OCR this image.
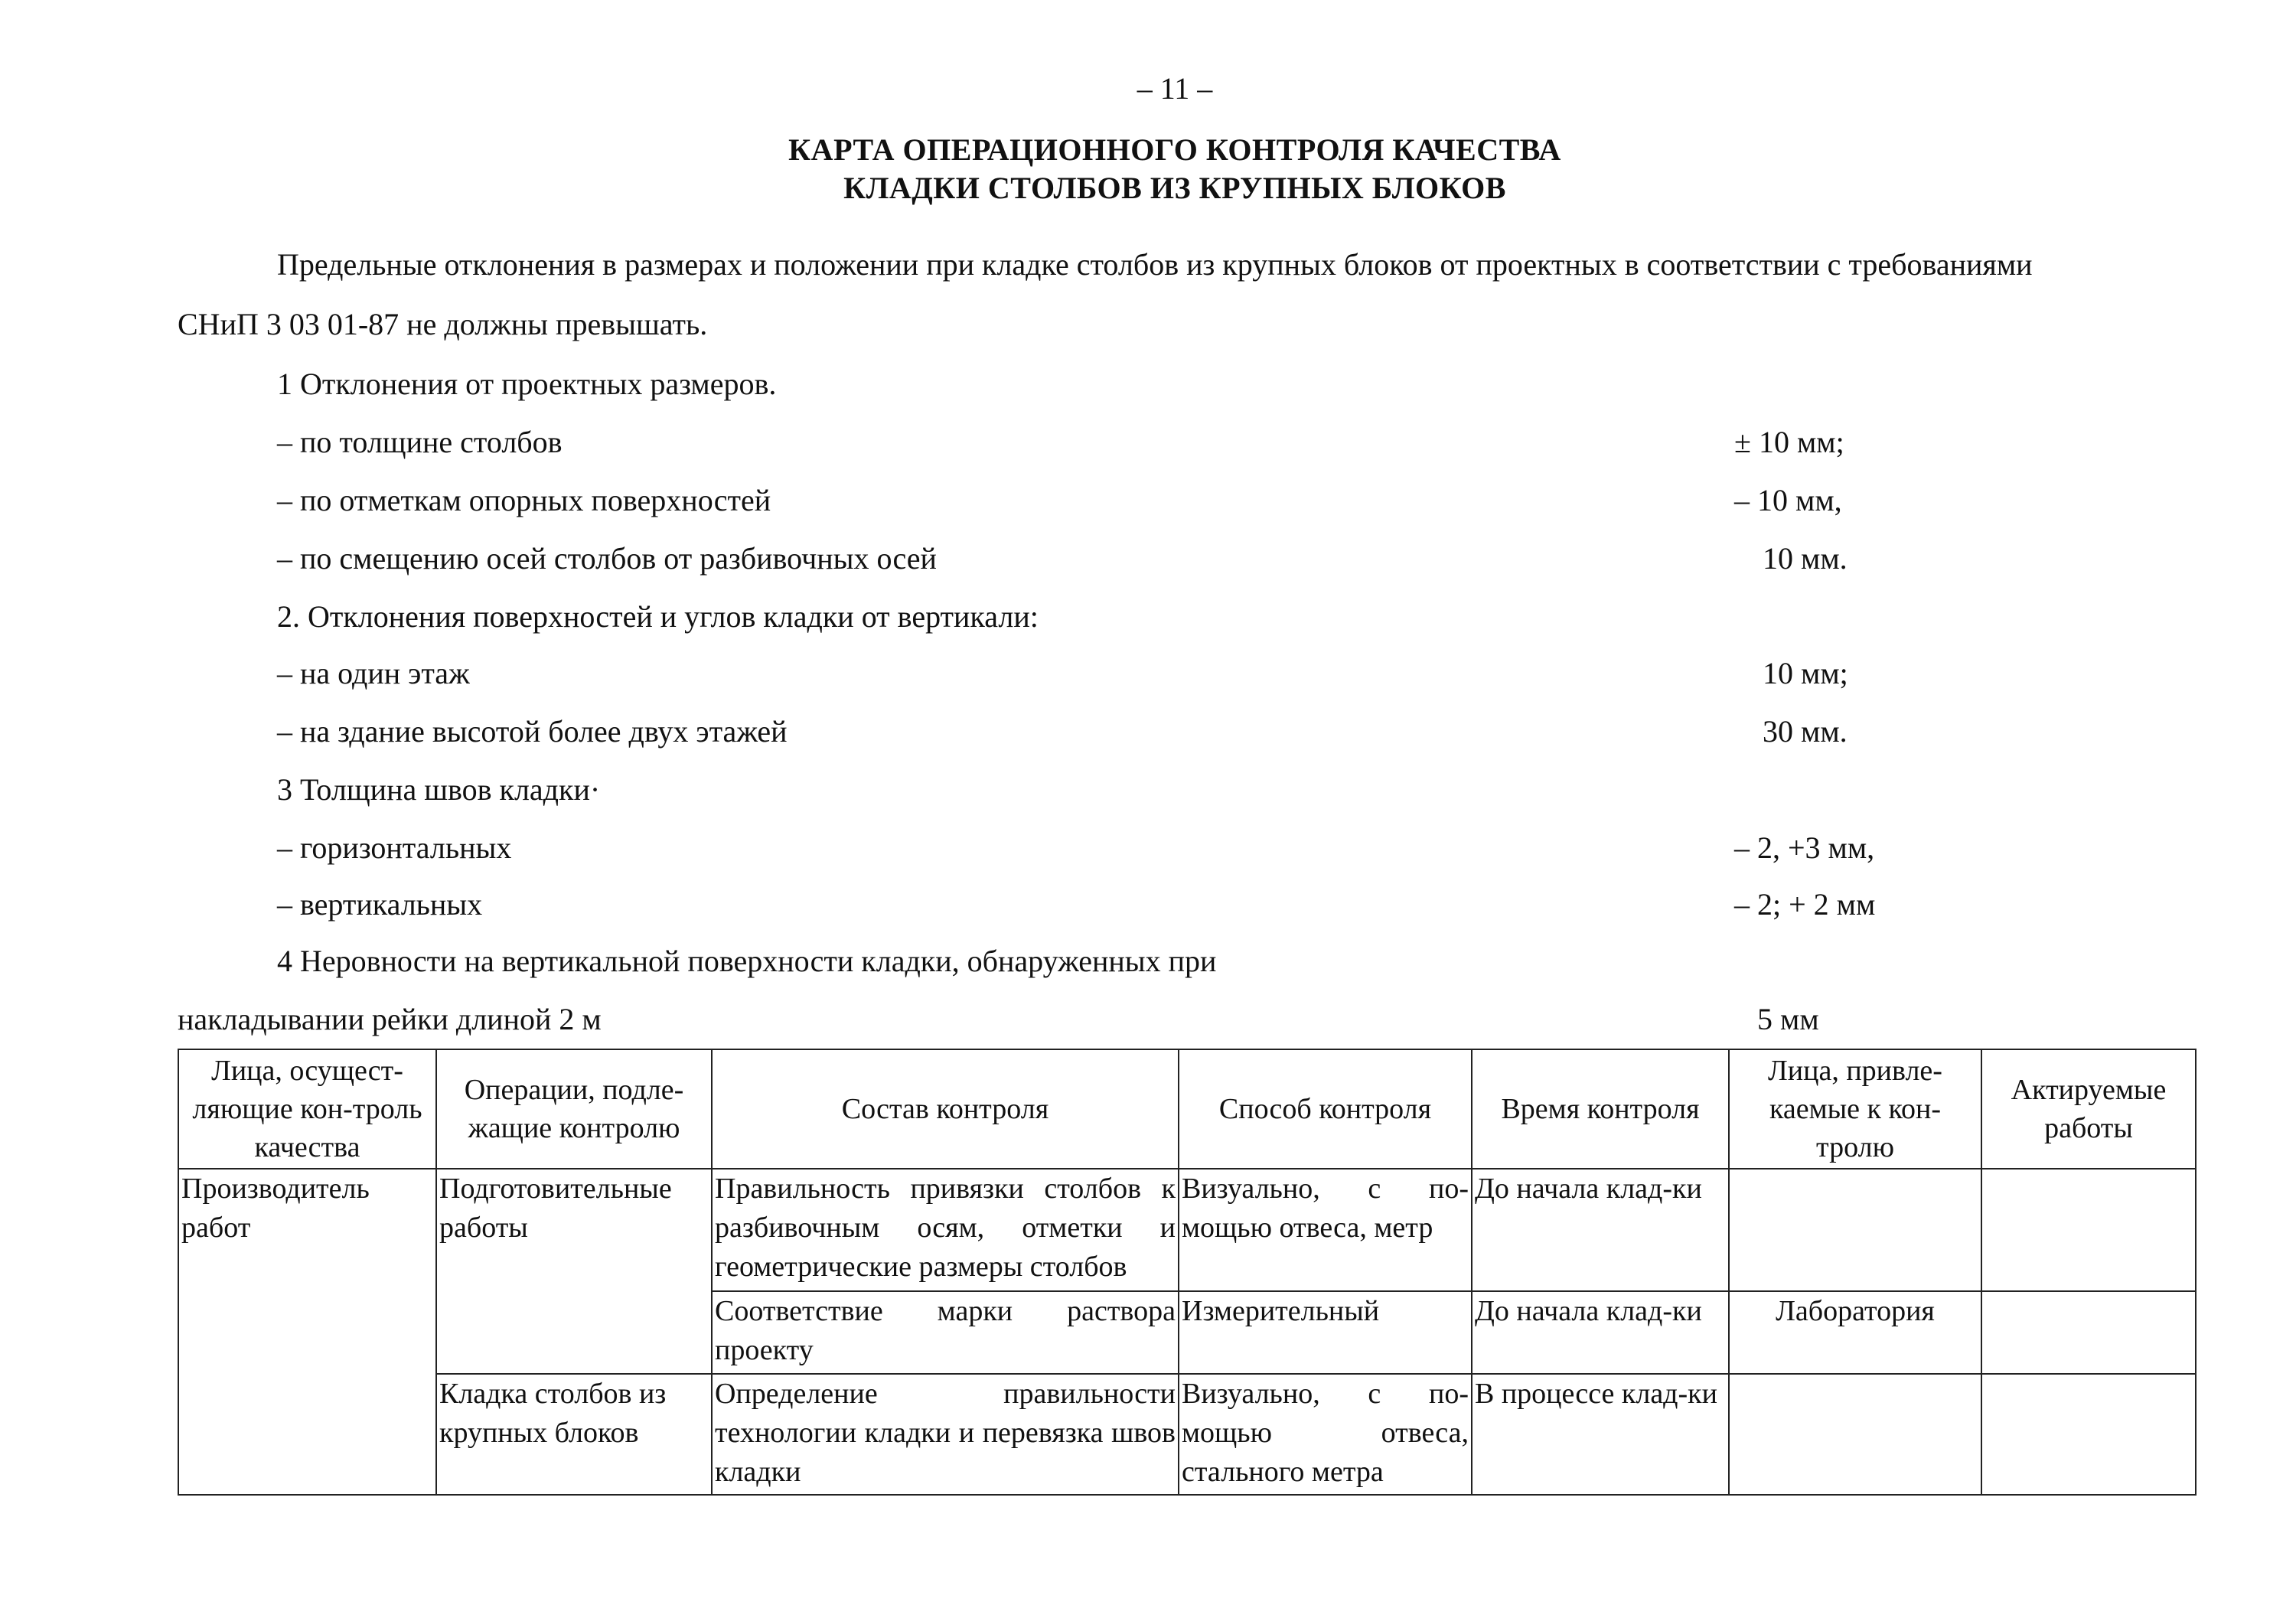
– 11 –
КАРТА ОПЕРАЦИОННОГО КОНТРОЛЯ КАЧЕСТВА
КЛАДКИ СТОЛБОВ ИЗ КРУПНЫХ БЛОКОВ
Предельные отклонения в размерах и положении при кладке столбов из крупных блоков от проектных в соответствии с требованиями
СНиП 3 03 01-87 не должны превышать.
1 Отклонения от проектных размеров.
– по толщине столбов	± 10 мм;
– по отметкам опорных поверхностей	– 10 мм,
– по смещению осей столбов от разбивочных осей	10 мм.
2. Отклонения поверхностей и углов кладки от вертикали:
– на один этаж	10 мм;
– на здание высотой более двух этажей	30 мм.
3 Толщина швов кладки·
– горизонтальных	– 2, +3 мм,
– вертикальных	– 2; + 2 мм
4 Неровности на вертикальной поверхности кладки, обнаруженных при
накладывании рейки длиной 2 м	5 мм
Лица, осущест-ляющие кон-троль качества	Операции, подле-жащие контролю	Состав контроля	Способ контроля	Время контроля	Лица, привле-каемые к кон-тролю	Актируемые работы
Производитель работ	Подготовительные работы	Правильность привязки столбов к разбивочным осям, отметки и геометрические размеры столбов	Визуально, с по-мощью отвеса, метр	До начала клад-ки		
		Соответствие марки раствора проекту	Измерительный	До начала клад-ки	Лаборатория	
	Кладка столбов из крупных блоков	Определение правильности технологии кладки и перевязка швов кладки	Визуально, с по-мощью отвеса, стального метра	В процессе клад-ки		
